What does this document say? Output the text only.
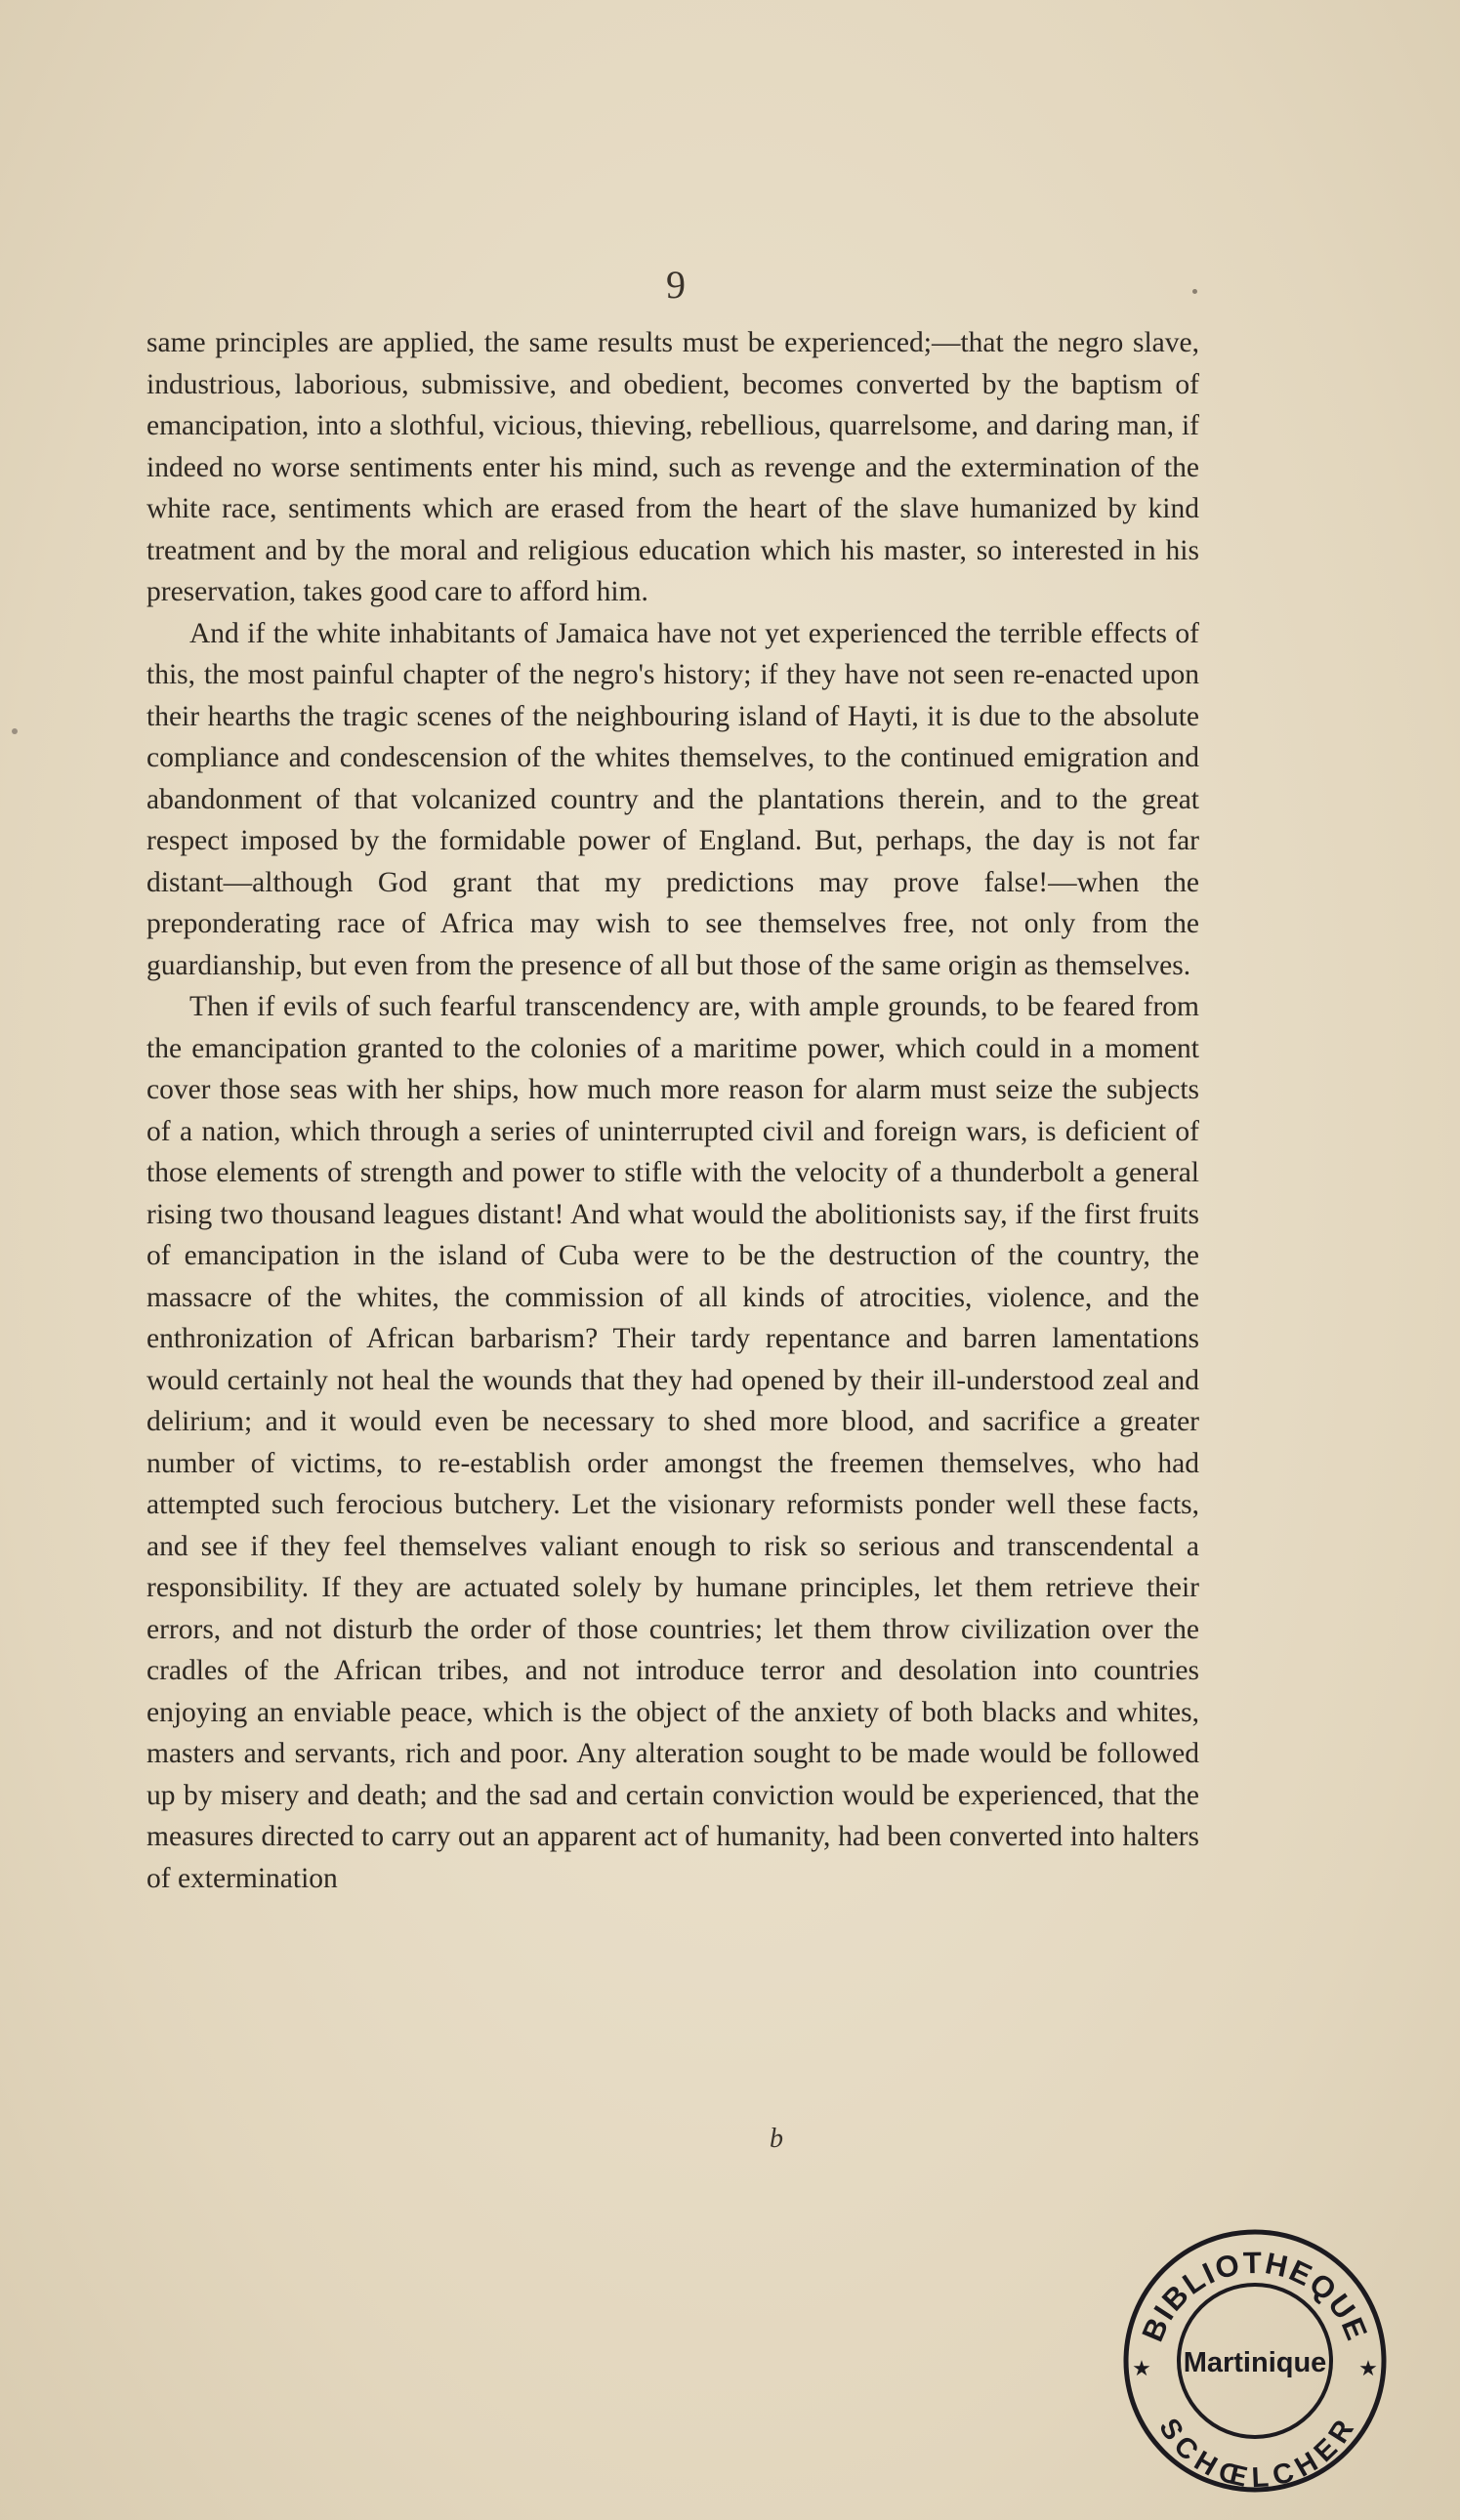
9

same principles are applied, the same results must be experienced;—that the negro slave, industrious, laborious, submissive, and obedient, becomes converted by the baptism of emancipation, into a slothful, vicious, thieving, rebellious, quarrelsome, and daring man, if indeed no worse sentiments enter his mind, such as revenge and the extermination of the white race, sentiments which are erased from the heart of the slave humanized by kind treatment and by the moral and religious education which his master, so interested in his preservation, takes good care to afford him.

And if the white inhabitants of Jamaica have not yet experienced the terrible effects of this, the most painful chapter of the negro's history; if they have not seen re-enacted upon their hearths the tragic scenes of the neighbouring island of Hayti, it is due to the absolute compliance and condescension of the whites themselves, to the continued emigration and abandonment of that volcanized country and the plantations therein, and to the great respect imposed by the formidable power of England. But, perhaps, the day is not far distant—although God grant that my predictions may prove false!—when the preponderating race of Africa may wish to see themselves free, not only from the guardianship, but even from the presence of all but those of the same origin as themselves.

Then if evils of such fearful transcendency are, with ample grounds, to be feared from the emancipation granted to the colonies of a maritime power, which could in a moment cover those seas with her ships, how much more reason for alarm must seize the subjects of a nation, which through a series of uninterrupted civil and foreign wars, is deficient of those elements of strength and power to stifle with the velocity of a thunderbolt a general rising two thousand leagues distant! And what would the abolitionists say, if the first fruits of emancipation in the island of Cuba were to be the destruction of the country, the massacre of the whites, the commission of all kinds of atrocities, violence, and the enthronization of African barbarism? Their tardy repentance and barren lamentations would certainly not heal the wounds that they had opened by their ill-understood zeal and delirium; and it would even be necessary to shed more blood, and sacrifice a greater number of victims, to re-establish order amongst the freemen themselves, who had attempted such ferocious butchery. Let the visionary reformists ponder well these facts, and see if they feel themselves valiant enough to risk so serious and transcendental a responsibility. If they are actuated solely by humane principles, let them retrieve their errors, and not disturb the order of those countries; let them throw civilization over the cradles of the African tribes, and not introduce terror and desolation into countries enjoying an enviable peace, which is the object of the anxiety of both blacks and whites, masters and servants, rich and poor. Any alteration sought to be made would be followed up by misery and death; and the sad and certain conviction would be experienced, that the measures directed to carry out an apparent act of humanity, had been converted into halters of extermination

b
BIBLIOTHEQUE
SCHŒLCHER
Martinique
★	★
